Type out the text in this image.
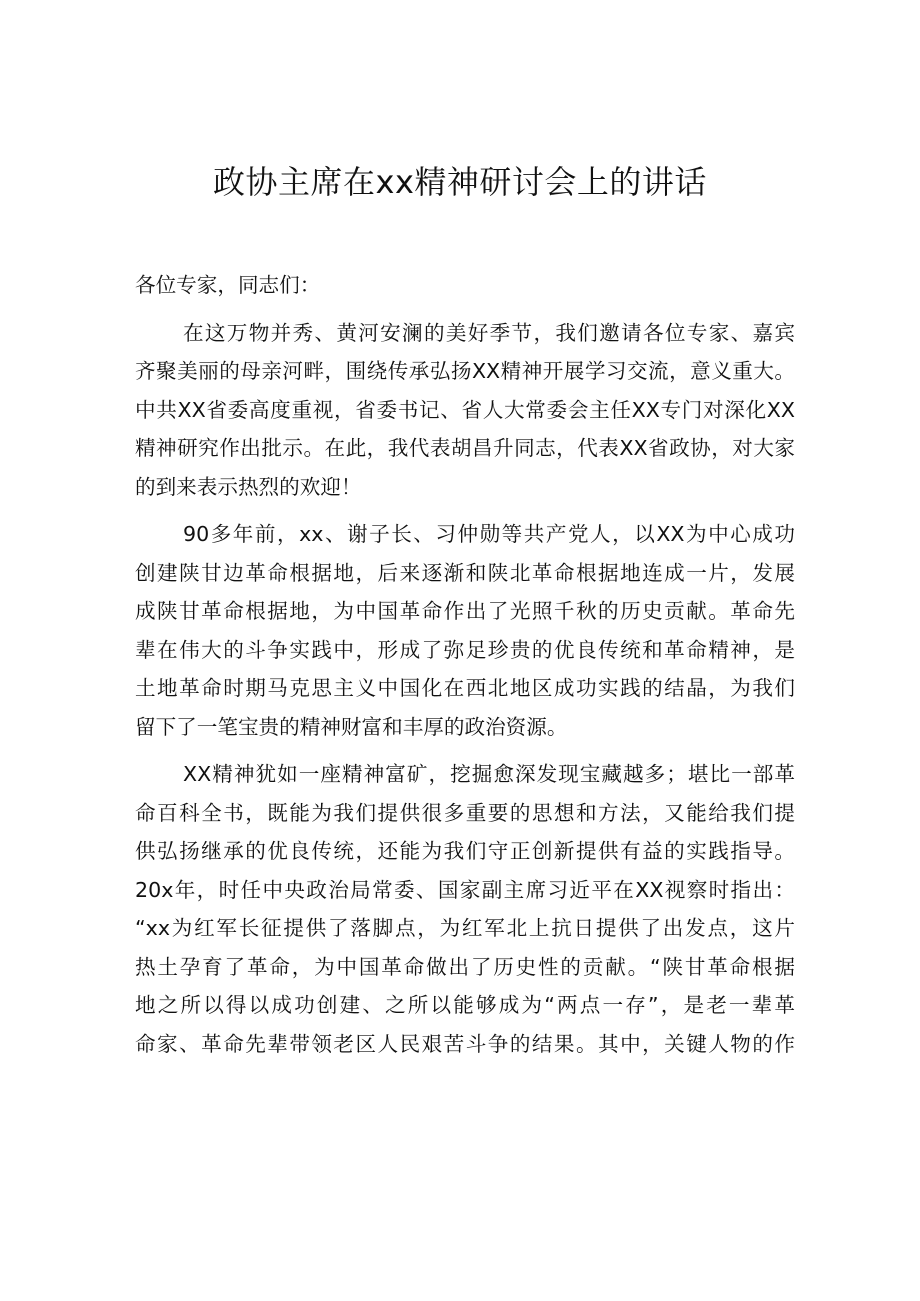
政协主席在xx精神研讨会上的讲话
各位专家，同志们：
在这万物并秀、黄河安澜的美好季节，我们邀请各位专家、嘉宾
齐聚美丽的母亲河畔，围绕传承弘扬XX精神开展学习交流，意义重大。
中共XX省委高度重视，省委书记、省人大常委会主任XX专门对深化XX
精神研究作出批示。在此，我代表胡昌升同志，代表XX省政协，对大家
的到来表示热烈的欢迎！
90多年前，xx、谢子长、习仲勋等共产党人，以XX为中心成功
创建陕甘边革命根据地，后来逐渐和陕北革命根据地连成一片，发展
成陕甘革命根据地，为中国革命作出了光照千秋的历史贡献。革命先
辈在伟大的斗争实践中，形成了弥足珍贵的优良传统和革命精神，是
土地革命时期马克思主义中国化在西北地区成功实践的结晶，为我们
留下了一笔宝贵的精神财富和丰厚的政治资源。
XX精神犹如一座精神富矿，挖掘愈深发现宝藏越多；堪比一部革
命百科全书，既能为我们提供很多重要的思想和方法，又能给我们提
供弘扬继承的优良传统，还能为我们守正创新提供有益的实践指导。
20x年，时任中央政治局常委、国家副主席习近平在XX视察时指出：
“xx为红军长征提供了落脚点，为红军北上抗日提供了出发点，这片
热土孕育了革命，为中国革命做出了历史性的贡献。“陕甘革命根据
地之所以得以成功创建、之所以能够成为“两点一存”，是老一辈革
命家、革命先辈带领老区人民艰苦斗争的结果。其中，关键人物的作
